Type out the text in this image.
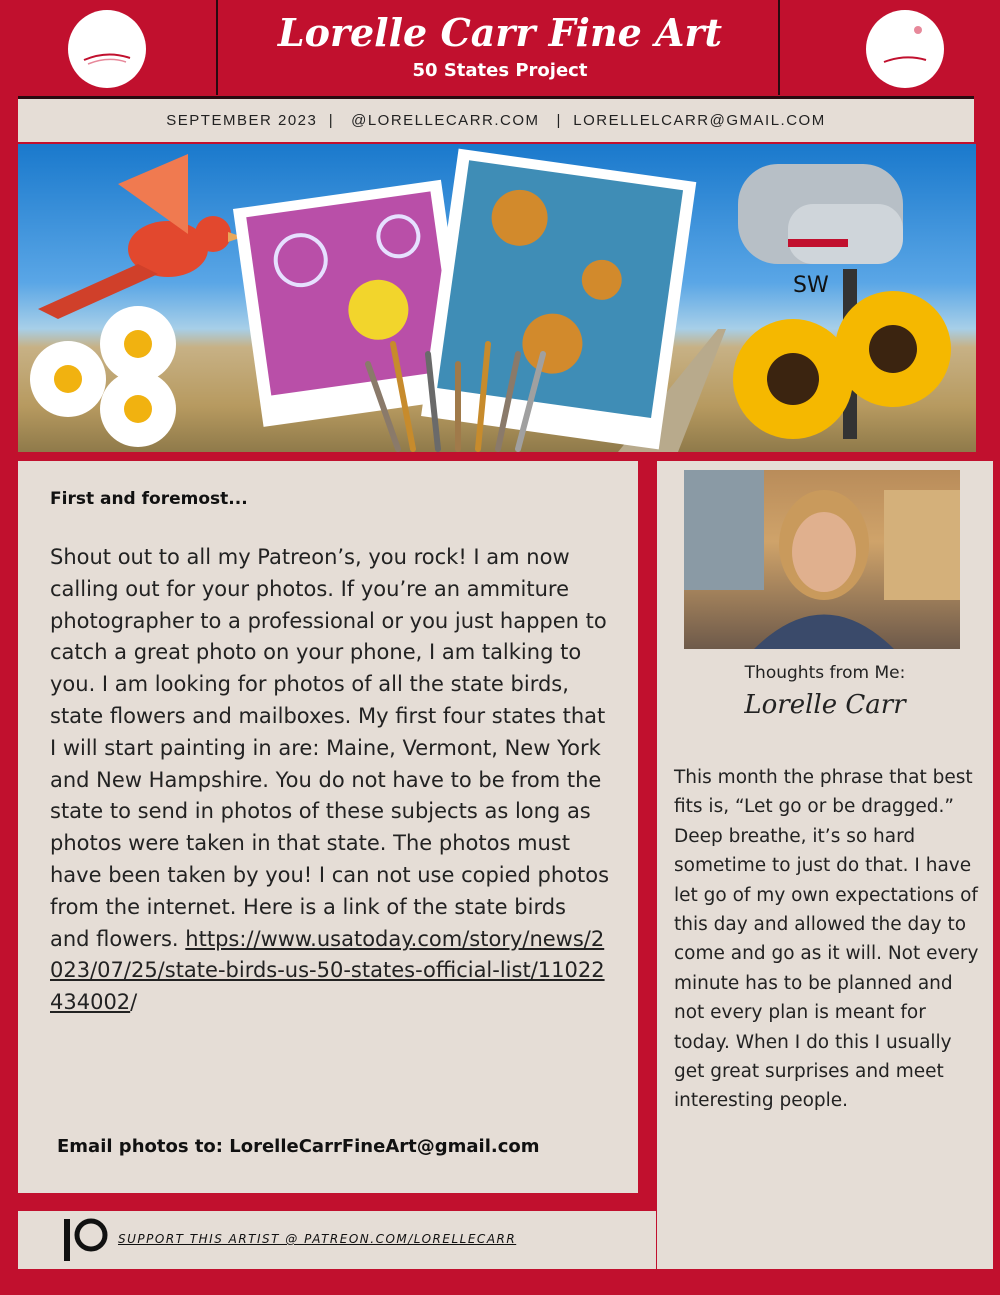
Lorelle Carr Fine Art
50 States Project
SEPTEMBER 2023  |   @LORELLECARR.COM   |  LORELLELCARR@GMAIL.COM
SW
First and foremost...
Shout out to all my Patreon’s, you rock! I am now calling out for your photos. If you’re an ammiture photographer to a professional or you just happen to catch a great photo on your phone, I am talking to you. I am looking for photos of all the state birds, state flowers and mailboxes. My first four states that I will start painting in are: Maine, Vermont, New York and New Hampshire. You do not have to be from the state to send in photos of these subjects as long as photos were taken in that state. The photos must have been taken by you! I can not use copied photos from the internet. Here is a link of the state birds and flowers. https://www.usatoday.com/story/news/2023/07/25/state-birds-us-50-states-official-list/11022434002/
Email photos to: LorelleCarrFineArt@gmail.com
Thoughts from Me:
Lorelle Carr
This month the phrase that best fits is, “Let go or be dragged.” Deep breathe, it’s so hard sometime to just do that. I have let go of my own expectations of this day and allowed the day to come and go as it will. Not every minute has to be planned and not every plan is meant for today. When I do this I usually get great surprises and meet interesting people.
SUPPORT THIS ARTIST @ PATREON.COM/LORELLECARR
